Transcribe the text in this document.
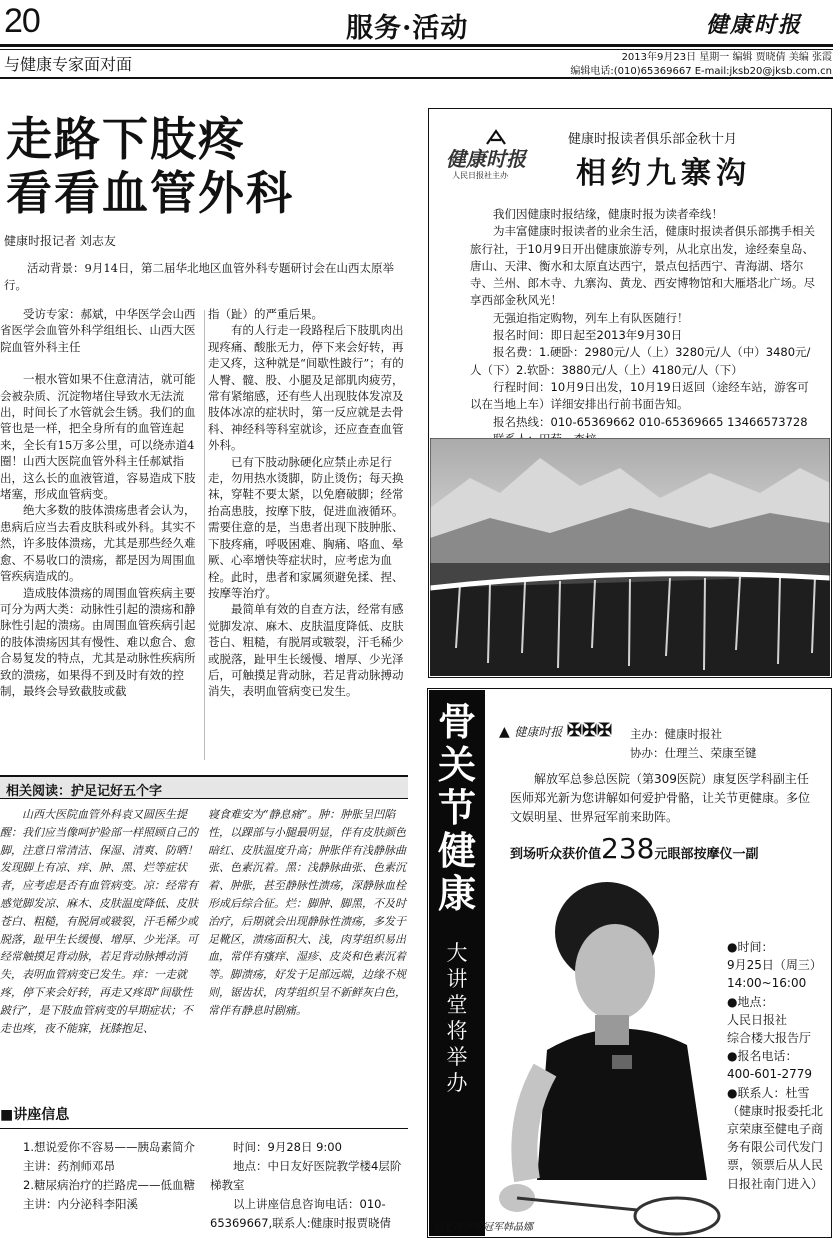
20	服务·活动	健康时报
与健康专家面对面	2013年9月23日 星期一 编辑 贾晓倩 美编 张霞
编辑电话:(010)65369667 E-mail:jksb20@jksb.com.cn
走路下肢疼
看看血管外科
健康时报记者 刘志友
活动背景：9月14日，第二届华北地区血管外科专题研讨会在山西太原举行。

受访专家：郝斌，中华医学会山西省医学会血管外科学组组长、山西大医院血管外科主任

一根水管如果不住意清洁，就可能会被杂质、沉淀物堵住导致水无法流出，时间长了水管就会生锈。我们的血管也是一样，把全身所有的血管连起来，全长有15万多公里，可以绕赤道4圈！山西大医院血管外科主任郝斌指出，这么长的血液管道，容易造成下肢堵塞，形成血管病变。

绝大多数的肢体溃疡患者会认为，患病后应当去看皮肤科或外科。其实不然，许多肢体溃疡，尤其是那些经久难愈、不易收口的溃疡，都是因为周围血管疾病造成的。

造成肢体溃疡的周围血管疾病主要可分为两大类：动脉性引起的溃疡和静脉性引起的溃疡。由周围血管疾病引起的肢体溃疡因其有慢性、难以愈合、愈合易复发的特点，尤其是动脉性疾病所致的溃疡，如果得不到及时有效的控制，最终会导致截肢或截

指（趾）的严重后果。

有的人行走一段路程后下肢肌肉出现疼痛、酸胀无力，停下来会好转，再走又疼，这种就是“间歇性跛行”；有的人臀、髋、股、小腿及足部肌肉疲劳，常有紧缩感，还有些人出现肢体发凉及肢体冰凉的症状时，第一反应就是去骨科、神经科等科室就诊，还应查查血管外科。

已有下肢动脉硬化应禁止赤足行走，勿用热水烫脚，防止烫伤；每天换袜，穿鞋不要太紧，以免磨破脚；经常抬高患肢，按摩下肢，促进血液循环。需要住意的是，当患者出现下肢肿胀、下肢疼痛，呼吸困难、胸痛、咯血、晕厥、心率增快等症状时，应考虑为血栓。此时，患者和家属须避免揉、捏、按摩等治疗。

最简单有效的自查方法，经常有感觉脚发凉、麻木、皮肤温度降低、皮肤苍白、粗糙，有脱屑或皲裂，汗毛稀少或脱落，趾甲生长缓慢、增厚、少光泽后，可触摸足背动脉，若足背动脉搏动消失，表明血管病变已发生。

相关阅读：护足记好五个字
山西大医院血管外科袁又圆医生提醒：我们应当像呵护脸部一样照顾自己的脚，注意日常清洁、保湿、清爽、防晒！发现脚上有凉、痒、肿、黑、烂等症状者，应考虑是否有血管病变。凉：经常有感觉脚发凉、麻木、皮肤温度降低、皮肤苍白、粗糙，有脱屑或皲裂，汗毛稀少或脱落，趾甲生长缓慢、增厚、少光泽。可经常触摸足背动脉，若足背动脉搏动消失，表明血管病变已发生。痒：一走就疼，停下来会好转，再走又疼即“间歇性跛行”，是下肢血管病变的早期症状；不走也疼，夜不能寐，抚膝抱足、
寝食难安为“静息痛”。肿：肿胀呈凹陷性，以踝部与小腿最明显，伴有皮肤颜色暗红、皮肤温度升高；肿胀伴有浅静脉曲张、色素沉着。黑：浅静脉曲张、色素沉着、肿胀，甚至静脉性溃疡，深静脉血栓形成后综合征。烂：脚肿、脚黑，不及时治疗，后期就会出现静脉性溃疡，多发于足靴区，溃疡面积大、浅，肉芽组织易出血，常伴有瘙痒、湿疹、皮炎和色素沉着等。脚溃疡，好发于足部远端，边缘不规则，锯齿状，肉芽组织呈不新鲜灰白色，常伴有静息时剧痛。
■讲座信息
1.想说爱你不容易——胰岛素简介
主讲：药剂师邓昂
2.糖尿病治疗的拦路虎——低血糖
主讲：内分泌科李阳溪
时间：9月28日 9:00
地点：中日友好医院教学楼4层阶梯教室
以上讲座信息咨询电话：010-65369667,联系人:健康时报贾晓倩
健康时报
人民日报社主办
健康时报读者俱乐部金秋十月
相约九寨沟

我们因健康时报结缘，健康时报为读者牵线！

为丰富健康时报读者的业余生活，健康时报读者俱乐部携手相关旅行社，于10月9日开出健康旅游专列，从北京出发，途经秦皇岛、唐山、天津、衡水和太原直达西宁，景点包括西宁、青海湖、塔尔寺、兰州、郎木寺、九寨沟、黄龙、西安博物馆和大雁塔北广场。尽享西部金秋风光！

无强迫指定购物，列车上有队医随行！

报名时间：即日起至2013年9月30日

报名费：1.硬卧：2980元/人（上）3280元/人（中）3480元/人（下）2.软卧：3880元/人（上）4180元/人（下）

行程时间：10月9日出发，10月19日返回（途经车站，游客可以在当地上车）详细安排出行前书面告知。

报名热线：010-65369662 010-65369665 13466573728

骨
关
节
健
康
大
讲
堂
将
举
办
▲ 健康时报 ✠✠✠ 主办：健康时报社
协办：仕理兰、荣康至键
解放军总参总医院（第309医院）康复医学科副主任医师郑光新为您讲解如何爱护骨骼，让关节更健康。多位文娱明星、世界冠军前来助阵。
到场听众获价值238元眼部按摩仪一副
●时间：
9月25日（周三）
14:00~16:00
●地点：
人民日报社
综合楼大报告厅
●报名电话：
400-601-2779
●联系人：杜雪
（健康时报委托北京荣康至健电子商务有限公司代发门票，领票后从人民日报社南门进入）
羽毛球世界冠军韩晶娜
